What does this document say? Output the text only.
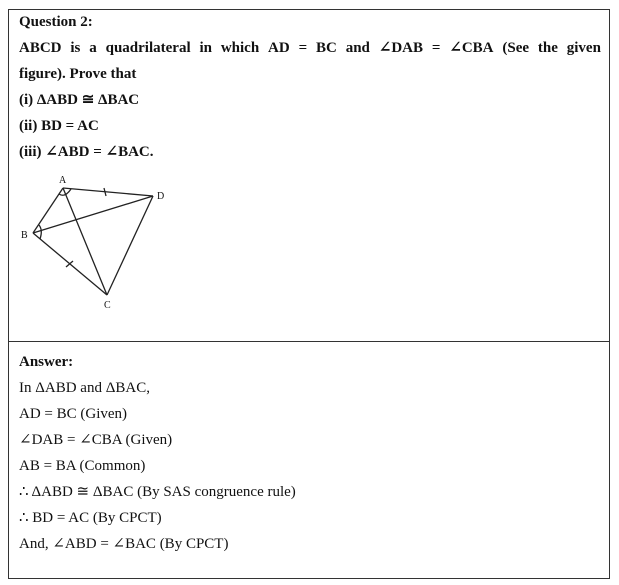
Question 2:
ABCD is a quadrilateral in which AD = BC and ∠DAB = ∠CBA (See the given
figure). Prove that
(i) ΔABD ≅ ΔBAC
(ii) BD = AC
(iii) ∠ABD = ∠BAC.
A
B
C
D
Answer:
In ΔABD and ΔBAC,
AD = BC (Given)
∠DAB = ∠CBA (Given)
AB = BA (Common)
∴ ΔABD ≅ ΔBAC (By SAS congruence rule)
∴ BD = AC (By CPCT)
And, ∠ABD = ∠BAC (By CPCT)
